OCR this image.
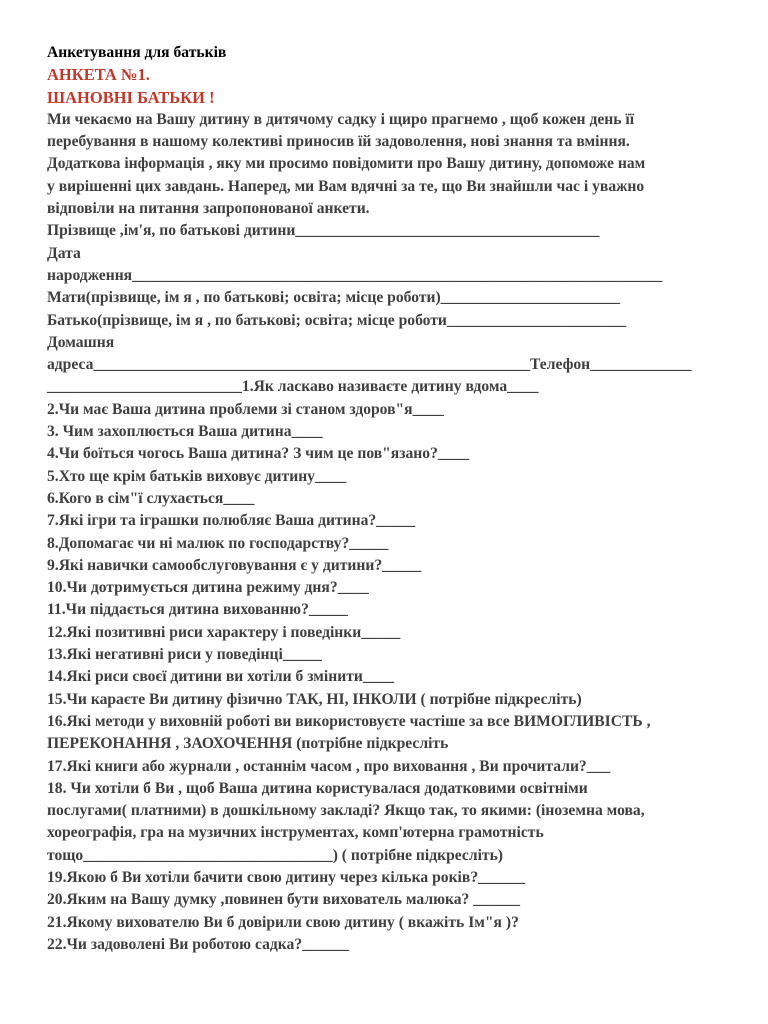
Анкетування для батьків
АНКЕТА №1.
ШАНОВНІ БАТЬКИ !
Ми чекаємо на Вашу дитину в дитячому садку і щиро прагнемо , щоб кожен день її
перебування в нашому колективі приносив їй задоволення, нові знання та вміння.
Додаткова інформація , яку ми просимо повідомити про Вашу дитину, допоможе нам
у вирішенні цих завдань. Наперед, ми Вам вдячні за те, що Ви знайшли час і уважно
відповіли на питання запропонованої анкети.
Прізвище ,ім'я, по батькові дитини_______________________________________
Дата
народження____________________________________________________________________
Мати(прізвище, ім я , по батькові; освіта; місце роботи)_______________________
Батько(прізвище, ім я , по батькові; освіта; місце роботи_______________________
Домашня
адреса________________________________________________________Телефон_____________
_________________________1.Як ласкаво називаєте дитину вдома____
2.Чи має Ваша дитина проблеми зі станом здоров"я____
3. Чим захоплюється Ваша дитина____
4.Чи боїться чогось Ваша дитина? З чим це пов"язано?____
5.Хто ще крім батьків виховує дитину____
6.Кого в сім"ї слухається____
7.Які ігри та іграшки полюбляє Ваша дитина?_____
8.Допомагає чи ні малюк по господарству?_____
9.Які навички самообслуговування є у дитини?_____
10.Чи дотримується дитина режиму дня?____
11.Чи піддається дитина вихованню?_____
12.Які позитивні риси характеру і поведінки_____
13.Які негативні риси у поведінці_____
14.Які риси своєї дитини ви хотіли б змінити____
15.Чи караєте Ви дитину фізично ТАК, НІ, ІНКОЛИ ( потрібне підкресліть)
16.Які методи у виховній роботі ви використовуєте частіше за все ВИМОГЛИВІСТЬ ,
ПЕРЕКОНАННЯ , ЗАОХОЧЕННЯ (потрібне підкресліть
17.Які книги або журнали , останнім часом , про виховання , Ви прочитали?___
18. Чи хотіли б Ви , щоб Ваша дитина користувалася додатковими освітніми
послугами( платними) в дошкільному закладі? Якщо так, то якими: (іноземна мова,
хореографія, гра на музичних інструментах, комп'ютерна грамотність
тощо________________________________) ( потрібне підкресліть)
19.Якою б Ви хотіли бачити свою дитину через кілька років?______
20.Яким на Вашу думку ,повинен бути вихователь малюка? ______
21.Якому вихователю Ви б довірили свою дитину ( вкажіть Ім"я )?
22.Чи задоволені Ви роботою садка?______
